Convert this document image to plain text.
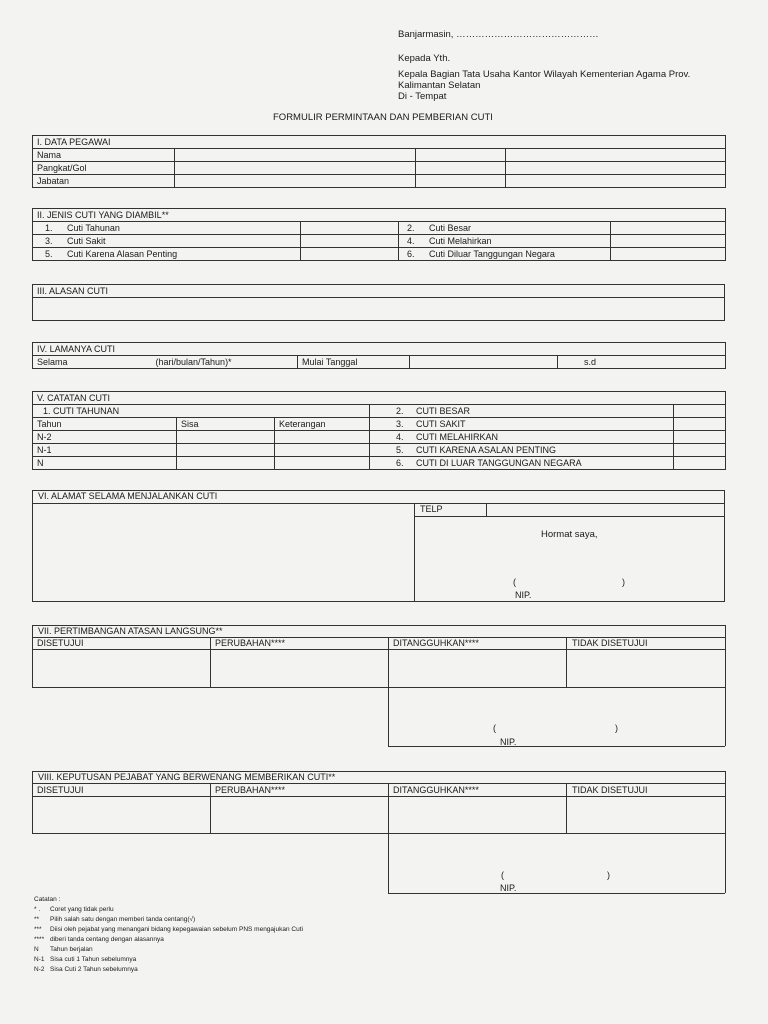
Banjarmasin, ………………………………………
Kepada Yth.
Kepala Bagian Tata Usaha Kantor Wilayah Kementerian Agama Prov.
Kalimantan Selatan
Di - Tempat
FORMULIR PERMINTAAN DAN PEMBERIAN CUTI
I. DATA PEGAWAI			
Nama			
Pangkat/Gol			
Jabatan			
II. JENIS CUTI YANG DIAMBIL**			
1. Cuti Tahunan		2. Cuti Besar	
3. Cuti Sakit		4. Cuti Melahirkan	
5. Cuti Karena Alasan Penting		6. Cuti Diluar Tanggungan Negara	
III. ALASAN CUTI

IV. LAMANYA CUTI
Selama	(hari/bulan/Tahun)*	Mulai Tanggal		s.d
V. CATATAN CUTI				
1. CUTI TAHUNAN			2. CUTI BESAR	
Tahun	Sisa	Keterangan	3. CUTI SAKIT	
N-2			4. CUTI MELAHIRKAN	
N-1			5. CUTI KARENA ASALAN PENTING	
N			6. CUTI DI LUAR TANGGUNGAN NEGARA	
VI. ALAMAT SELAMA MENJALANKAN CUTI
TELP
Hormat saya,
(	)
NIP.
VII. PERTIMBANGAN ATASAN LANGSUNG**
DISETUJUI	PERUBAHAN****	DITANGGUHKAN****	TIDAK DISETUJUI
(	)
NIP.
VIII. KEPUTUSAN PEJABAT YANG BERWENANG MEMBERIKAN CUTI**
DISETUJUI	PERUBAHAN****	DITANGGUHKAN****	TIDAK DISETUJUI
(	)
NIP.
Catatan :
* . Coret yang tidak perlu
** Pilih salah satu dengan memberi tanda centang(√)
*** Diisi oleh pejabat yang menangani bidang kepegawaian sebelum PNS mengajukan Cuti
**** diberi tanda centang dengan alasannya
N Tahun berjalan
N-1 Sisa cuti 1 Tahun sebelumnya
N-2 Sisa Cuti 2 Tahun sebelumnya
